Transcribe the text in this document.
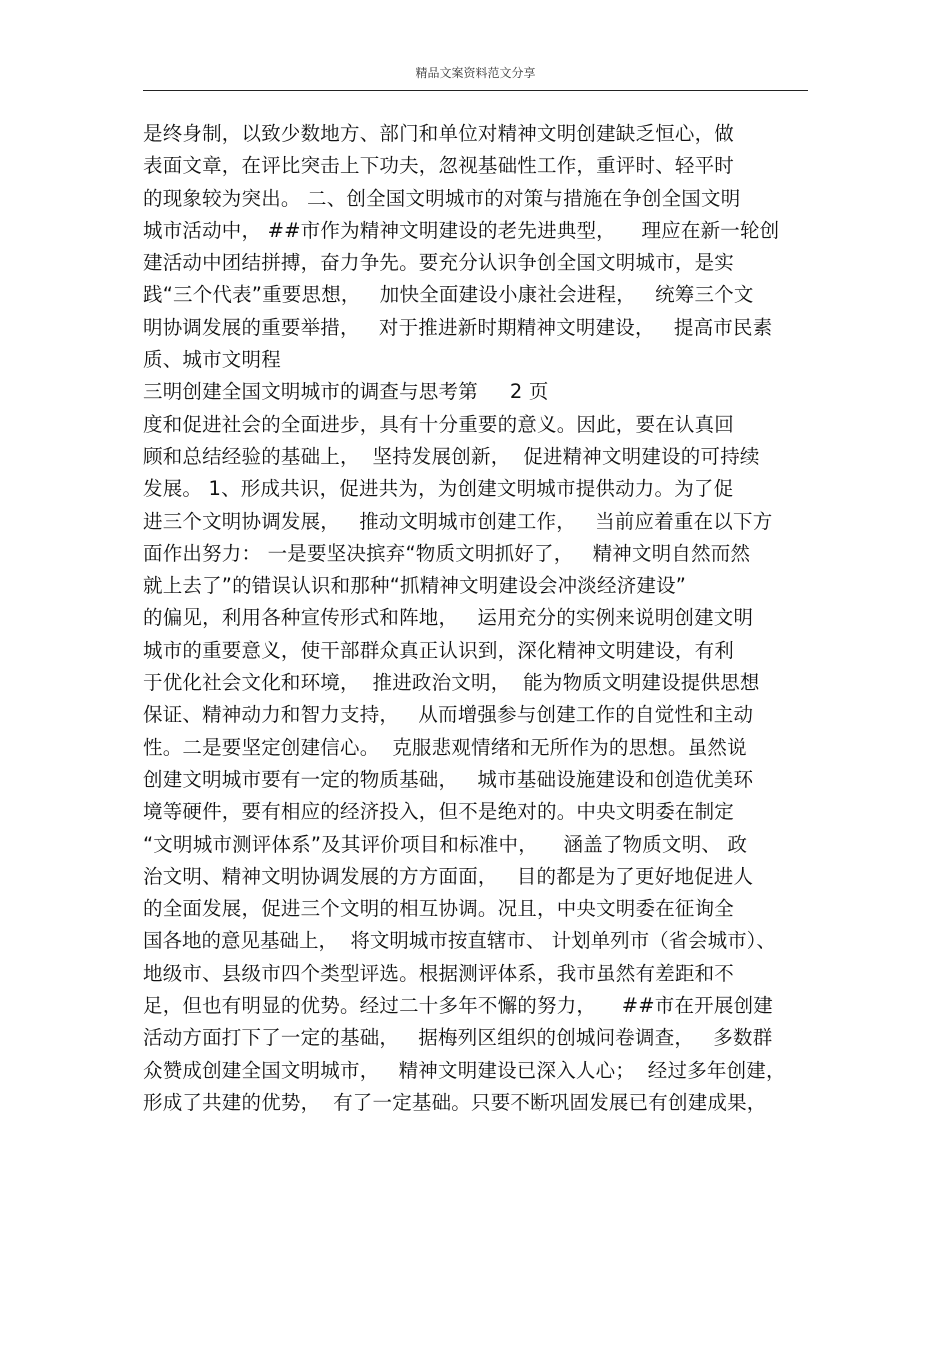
精品文案资料范文分享
是终身制，以致少数地方、部门和单位对精神文明创建缺乏恒心，做
表面文章，在评比突击上下功夫，忽视基础性工作，重评时、轻平时
的现象较为突出。 二、创全国文明城市的对策与措施在争创全国文明
城市活动中， ##市作为精神文明建设的老先进典型，    理应在新一轮创
建活动中团结拼搏，奋力争先。要充分认识争创全国文明城市，是实
践“三个代表”重要思想，   加快全面建设小康社会进程，   统筹三个文
明协调发展的重要举措，   对于推进新时期精神文明建设，   提高市民素
质、城市文明程
三明创建全国文明城市的调查与思考第     2 页
度和促进社会的全面进步，具有十分重要的意义。因此，要在认真回
顾和总结经验的基础上，  坚持发展创新，  促进精神文明建设的可持续
发展。 1、形成共识，促进共为，为创建文明城市提供动力。为了促
进三个文明协调发展，   推动文明城市创建工作，   当前应着重在以下方
面作出努力： 一是要坚决摈弃“物质文明抓好了，   精神文明自然而然
就上去了”的错误认识和那种“抓精神文明建设会冲淡经济建设”
的偏见，利用各种宣传形式和阵地，   运用充分的实例来说明创建文明
城市的重要意义，使干部群众真正认识到，深化精神文明建设，有利
于优化社会文化和环境，  推进政治文明，  能为物质文明建设提供思想
保证、精神动力和智力支持，   从而增强参与创建工作的自觉性和主动
性。二是要坚定创建信心。  克服悲观情绪和无所作为的思想。虽然说
创建文明城市要有一定的物质基础，   城市基础设施建设和创造优美环
境等硬件，要有相应的经济投入，但不是绝对的。中央文明委在制定
“文明城市测评体系”及其评价项目和标准中，    涵盖了物质文明、 政
治文明、精神文明协调发展的方方面面，   目的都是为了更好地促进人
的全面发展，促进三个文明的相互协调。况且，中央文明委在征询全
国各地的意见基础上，  将文明城市按直辖市、 计划单列市（省会城市）、
地级市、县级市四个类型评选。根据测评体系，我市虽然有差距和不
足，但也有明显的优势。经过二十多年不懈的努力，    ##市在开展创建
活动方面打下了一定的基础，   据梅列区组织的创城问卷调查，   多数群
众赞成创建全国文明城市，   精神文明建设已深入人心；  经过多年创建，
形成了共建的优势，  有了一定基础。只要不断巩固发展已有创建成果，
